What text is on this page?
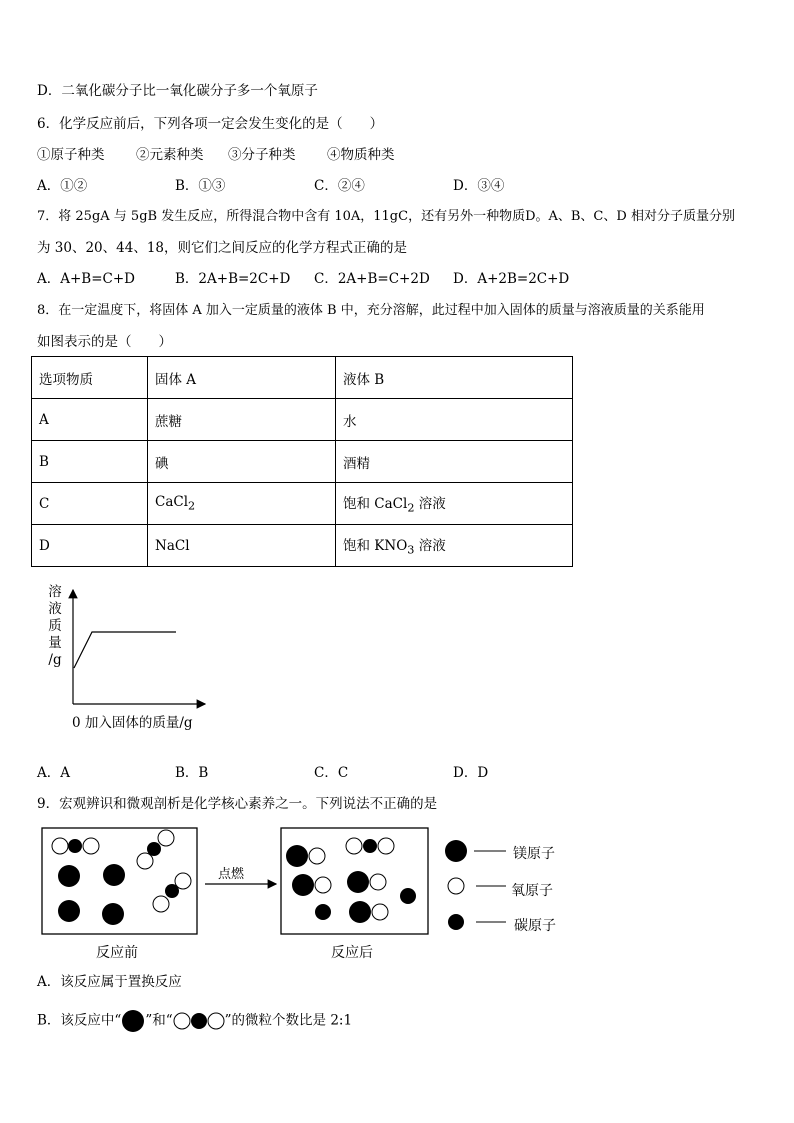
D．二氧化碳分子比一氧化碳分子多一个氧原子
6．化学反应前后，下列各项一定会发生变化的是（　　）
①原子种类 ②元素种类 ③分子种类 ④物质种类
A．①②	B．①③	C．②④	D．③④
7．将 25gA 与 5gB 发生反应，所得混合物中含有 10A，11gC，还有另外一种物质D。A、B、C、D 相对分子质量分别
为 30、20、44、18，则它们之间反应的化学方程式正确的是
A．A+B=C+D	B．2A+B=2C+D C．2A+B=C+2D D．A+2B=2C+D
8．在一定温度下，将固体 A 加入一定质量的液体 B 中，充分溶解，此过程中加入固体的质量与溶液质量的关系能用
如图表示的是（　　）
选项物质	固体 A	液体 B
A	蔗糖	水
B	碘	酒精
C	CaCl$_2$	饱和 CaCl$_2$ 溶液
D	NaCl	饱和 $KNO_3$ 溶液
溶
液
质
量
/g
0 加入固体的质量/g
点燃
反应前	反应后
镁原子
氧原子
碳原子
A．A	B．B	C．C	D．D
9．宏观辨识和微观剖析是化学核心素养之一。下列说法不正确的是
A．该反应属于置换反应
B．该反应中“ ”和“	”的微粒个数比是 2:1
